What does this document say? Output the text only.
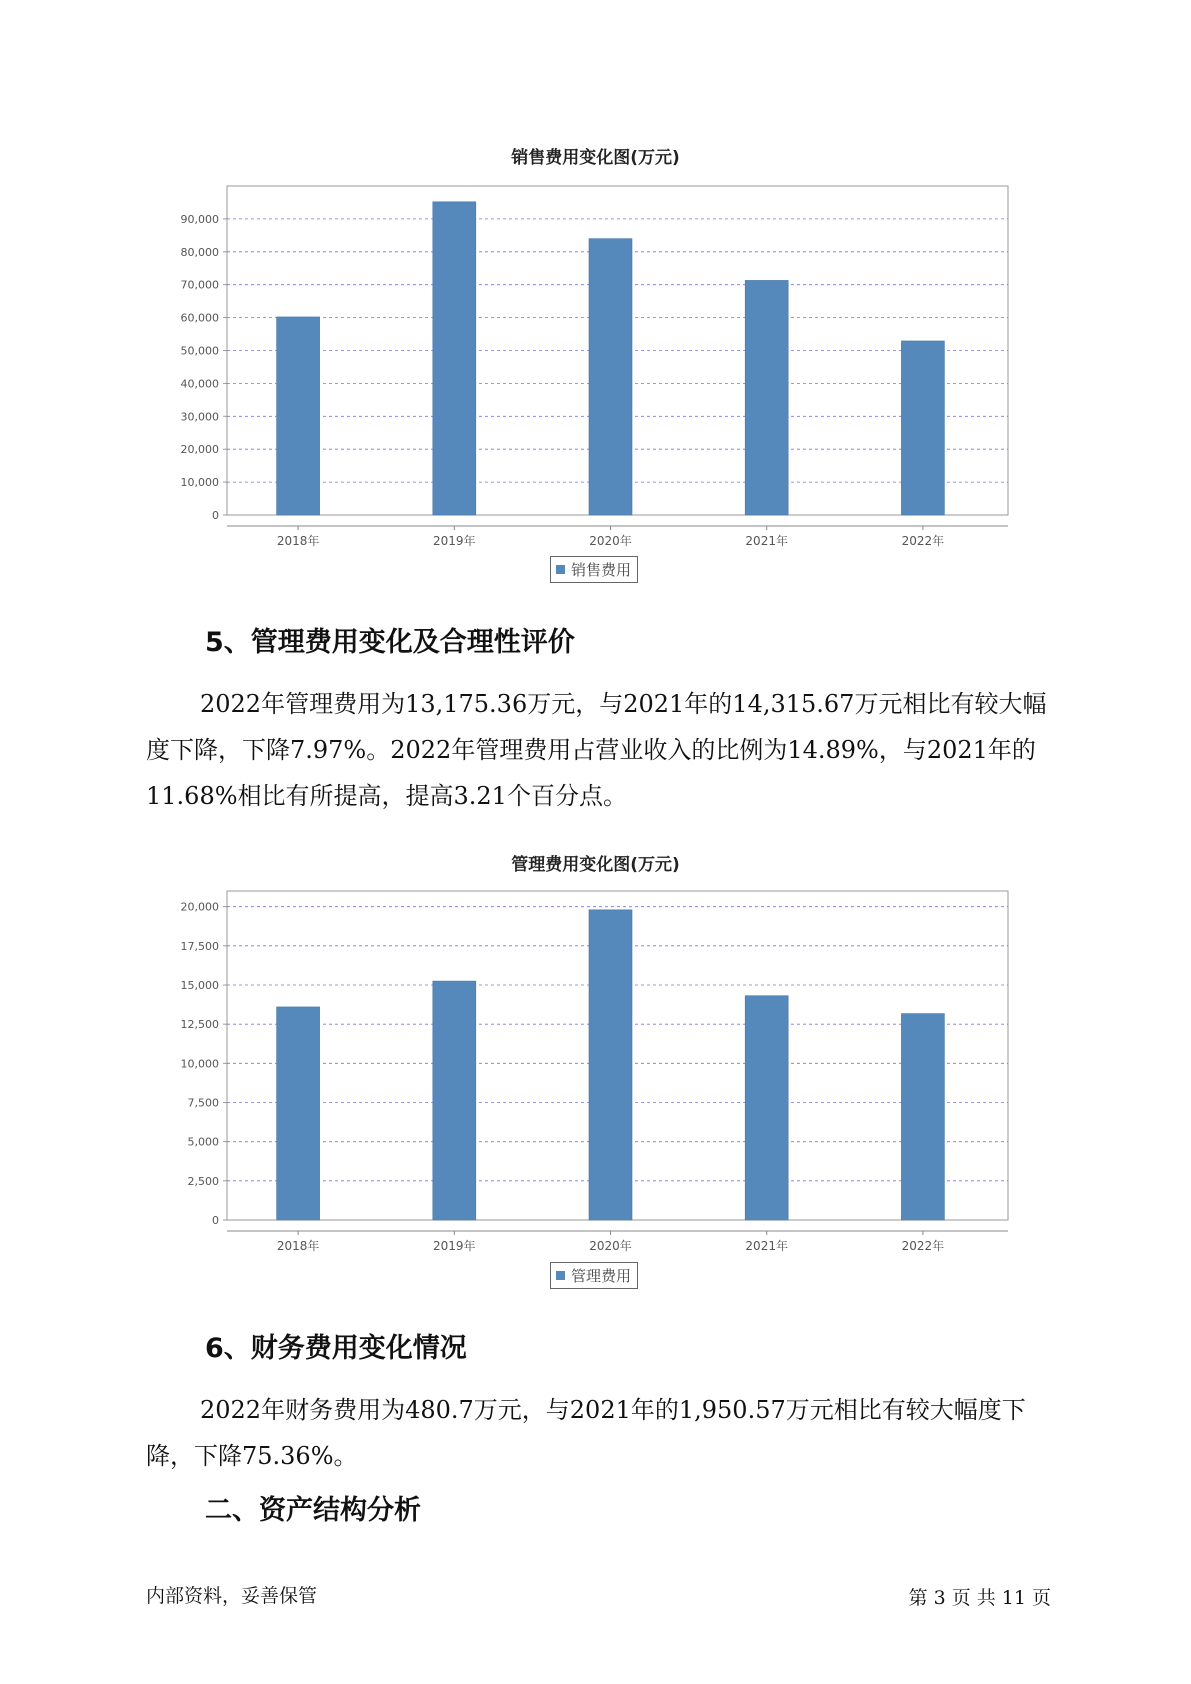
销售费用变化图(万元)
0
10,000
20,000
30,000
40,000
50,000
60,000
70,000
80,000
90,000
2018年	2019年	2020年	2021年	2022年
销售费用
5、管理费用变化及合理性评价

2022年管理费用为13,175.36万元，与2021年的14,315.67万元相比有较大幅度下降，下降7.97%。2022年管理费用占营业收入的比例为14.89%，与2021年的11.68%相比有所提高，提高3.21个百分点。

管理费用变化图(万元)
0
2,500
5,000
7,500
10,000
12,500
15,000
17,500
20,000
2018年	2019年	2020年	2021年	2022年
管理费用
6、财务费用变化情况

2022年财务费用为480.7万元，与2021年的1,950.57万元相比有较大幅度下降，下降75.36%。

二、资产结构分析
内部资料，妥善保管	第 3 页 共 11 页
